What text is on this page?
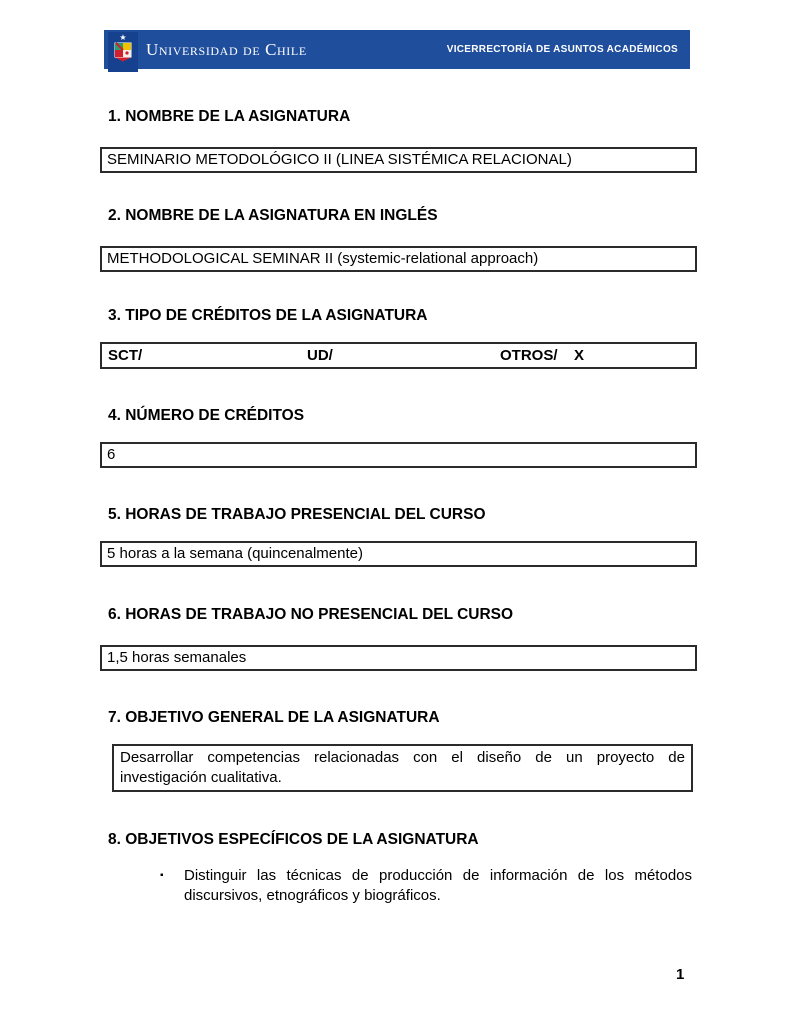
★
Universidad de Chile	VICERRECTORÍA DE ASUNTOS ACADÉMICOS
1. NOMBRE DE LA ASIGNATURA
SEMINARIO METODOLÓGICO II (LINEA SISTÉMICA RELACIONAL)
2. NOMBRE DE LA ASIGNATURA EN INGLÉS
METHODOLOGICAL SEMINAR II (systemic-relational approach)
3. TIPO DE CRÉDITOS DE LA ASIGNATURA
SCT/	UD/	OTROS/ X
4. NÚMERO DE CRÉDITOS
6
5. HORAS DE TRABAJO PRESENCIAL DEL CURSO
5 horas a la semana (quincenalmente)
6. HORAS DE TRABAJO NO PRESENCIAL DEL CURSO
1,5 horas semanales
7. OBJETIVO GENERAL DE LA ASIGNATURA
Desarrollar competencias relacionadas con el diseño de un proyecto de investigación cualitativa.
8. OBJETIVOS ESPECÍFICOS DE LA ASIGNATURA
▪	Distinguir las técnicas de producción de información de los métodos discursivos, etnográficos y biográficos.
1
